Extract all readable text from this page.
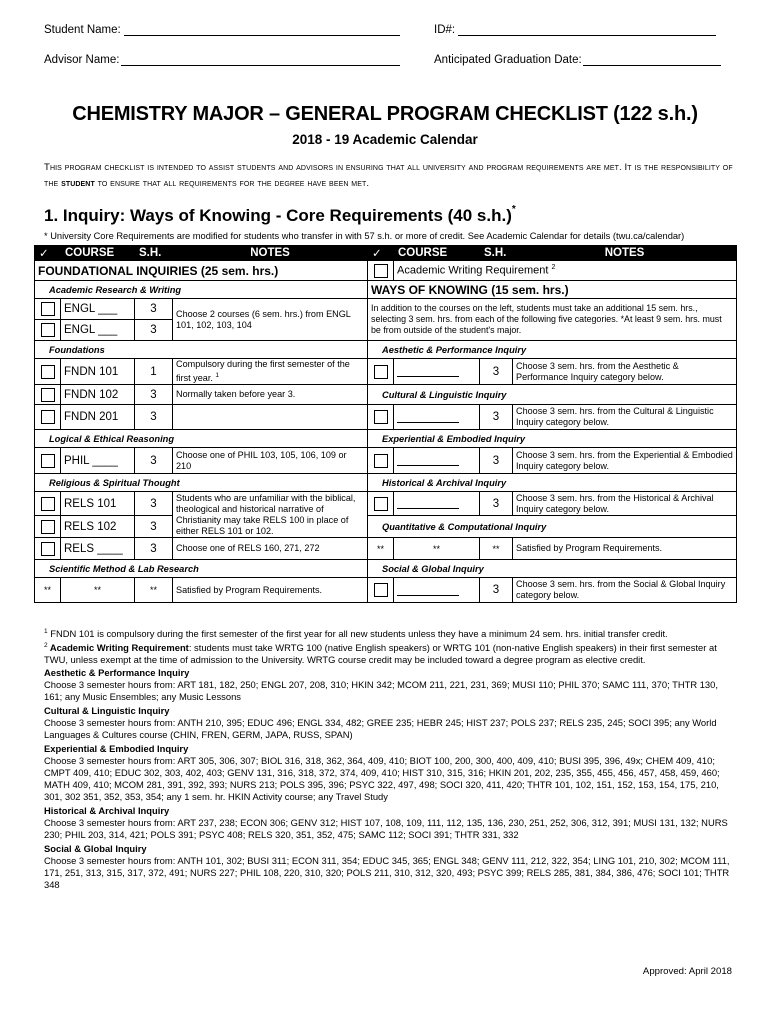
Student Name:	ID#:
Advisor Name:	Anticipated Graduation Date:
CHEMISTRY MAJOR – GENERAL PROGRAM CHECKLIST (122 s.h.)
2018 - 19 Academic Calendar
This program checklist is intended to assist students and advisors in ensuring that all university and program requirements are met. It is the responsibility of the student to ensure that all requirements for the degree have been met.
1. Inquiry: Ways of Knowing - Core Requirements (40 s.h.)*
* University Core Requirements are modified for students who transfer in with 57 s.h. or more of credit. See Academic Calendar for details (twu.ca/calendar)
✓	COURSE	S.H.	NOTES	✓	COURSE	S.H.	NOTES
FOUNDATIONAL INQUIRIES (25 sem. hrs.)					Academic Writing Requirement $^2$
Academic Research & Writing				WAYS OF KNOWING (15 sem. hrs.)			
	ENGL ___	3	Choose 2 courses (6 sem. hrs.) from ENGL 101, 102, 103, 104	In addition to the courses on the left, students must take an additional 15 sem. hrs., selecting 3 sem. hrs. from each of the following five categories. *At least 9 sem. hrs. must be from outside of the student's major.			
	ENGL ___	3					
Foundations				Aesthetic & Performance Inquiry			
	FNDN 101	1	Compulsory during the first semester of the first year. $^1$			3	Choose 3 sem. hrs. from the Aesthetic & Performance Inquiry category below.
	FNDN 102	3	Normally taken before year 3.	Cultural & Linguistic Inquiry			
	FNDN 201	3				3	Choose 3 sem. hrs. from the Cultural & Linguistic Inquiry category below.
Logical & Ethical Reasoning				Experiential & Embodied Inquiry			
	PHIL ____	3	Choose one of PHIL 103, 105, 106, 109 or 210			3	Choose 3 sem. hrs. from the Experiential & Embodied Inquiry category below.
Religious & Spiritual Thought				Historical & Archival Inquiry			
	RELS 101	3	Students who are unfamiliar with the biblical, theological and historical narrative of Christianity may take RELS 100 in place of either RELS 101 or 102.			3	Choose 3 sem. hrs. from the Historical & Archival Inquiry category below.
	RELS 102	3		Quantitative & Computational Inquiry			
	RELS ____	3	Choose one of RELS 160, 271, 272	**	**	**	Satisfied by Program Requirements.
Scientific Method & Lab Research				Social & Global Inquiry			
**	**	**	Satisfied by Program Requirements.			3	Choose 3 sem. hrs. from the Social & Global Inquiry category below.
$^1$ FNDN 101 is compulsory during the first semester of the first year for all new students unless they have a minimum 24 sem. hrs. initial transfer credit.
$^2$ Academic Writing Requirement: students must take WRTG 100 (native English speakers) or WRTG 101 (non-native English speakers) in their first semester at TWU, unless exempt at the time of admission to the University. WRTG course credit may be included toward a degree program as elective credit.
Aesthetic & Performance Inquiry
Choose 3 semester hours from: ART 181, 182, 250; ENGL 207, 208, 310; HKIN 342; MCOM 211, 221, 231, 369; MUSI 110; PHIL 370; SAMC 111, 370; THTR 130, 161; any Music Ensembles; any Music Lessons
Cultural & Linguistic Inquiry
Choose 3 semester hours from: ANTH 210, 395; EDUC 496; ENGL 334, 482; GREE 235; HEBR 245; HIST 237; POLS 237; RELS 235, 245; SOCI 395; any World Languages & Cultures course (CHIN, FREN, GERM, JAPA, RUSS, SPAN)
Experiential & Embodied Inquiry
Choose 3 semester hours from: ART 305, 306, 307; BIOL 316, 318, 362, 364, 409, 410; BIOT 100, 200, 300, 400, 409, 410; BUSI 395, 396, 49x; CHEM 409, 410; CMPT 409, 410; EDUC 302, 303, 402, 403; GENV 131, 316, 318, 372, 374, 409, 410; HIST 310, 315, 316; HKIN 201, 202, 235, 355, 455, 456, 457, 458, 459, 460; MATH 409, 410; MCOM 281, 391, 392, 393; NURS 213; POLS 395, 396; PSYC 322, 497, 498; SOCI 320, 411, 420; THTR 101, 102, 151, 152, 153, 154, 175, 210, 301, 302 351, 352, 353, 354; any 1 sem. hr. HKIN Activity course; any Travel Study
Historical & Archival Inquiry
Choose 3 semester hours from: ART 237, 238; ECON 306; GENV 312; HIST 107, 108, 109, 111, 112, 135, 136, 230, 251, 252, 306, 312, 391; MUSI 131, 132; NURS 230; PHIL 203, 314, 421; POLS 391; PSYC 408; RELS 320, 351, 352, 475; SAMC 112; SOCI 391; THTR 331, 332
Social & Global Inquiry
Choose 3 semester hours from: ANTH 101, 302; BUSI 311; ECON 311, 354; EDUC 345, 365; ENGL 348; GENV 111, 212, 322, 354; LING 101, 210, 302; MCOM 111, 171, 251, 313, 315, 317, 372, 491; NURS 227; PHIL 108, 220, 310, 320; POLS 211, 310, 312, 320, 493; PSYC 399; RELS 285, 381, 384, 386, 476; SOCI 101; THTR 348
Approved: April 2018
